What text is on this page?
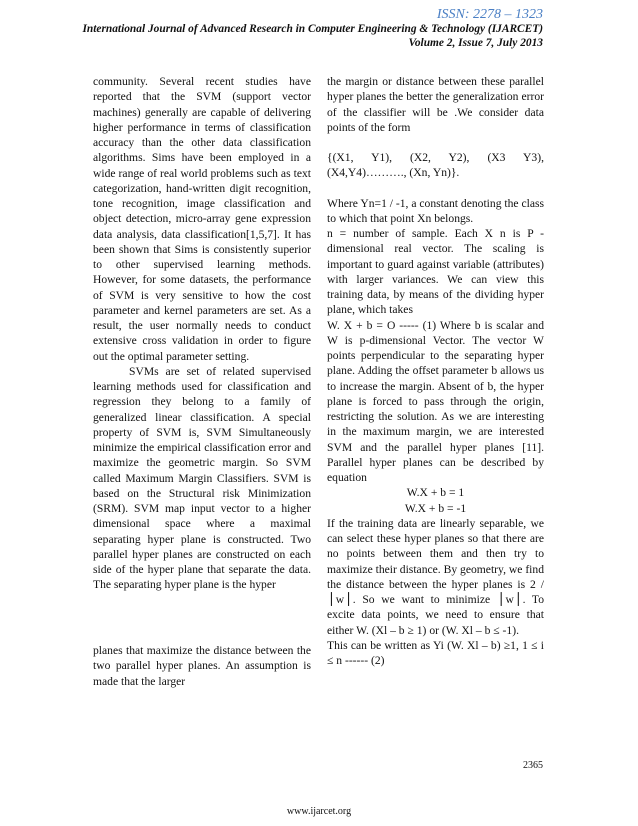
ISSN: 2278 – 1323
International Journal of Advanced Research in Computer Engineering & Technology (IJARCET)
Volume 2, Issue 7, July 2013

community. Several recent studies have reported that the SVM (support vector machines) generally are capable of delivering higher performance in terms of classification accuracy than the other data classification algorithms. Sims have been employed in a wide range of real world problems such as text categorization, hand-written digit recognition, tone recognition, image classification and object detection, micro-array gene expression data analysis, data classification[1,5,7]. It has been shown that Sims is consistently superior to other supervised learning methods. However, for some datasets, the performance of SVM is very sensitive to how the cost parameter and kernel parameters are set. As a result, the user normally needs to conduct extensive cross validation in order to figure out the optimal parameter setting.

SVMs are set of related supervised learning methods used for classification and regression they belong to a family of generalized linear classification. A special property of SVM is, SVM Simultaneously minimize the empirical classification error and maximize the geometric margin. So SVM called Maximum Margin Classifiers. SVM is based on the Structural risk Minimization (SRM). SVM map input vector to a higher dimensional space where a maximal separating hyper plane is constructed. Two parallel hyper planes are constructed on each side of the hyper plane that separate the data. The separating hyper plane is the hyper

planes that maximize the distance between the two parallel hyper planes. An assumption is made that the larger

the margin or distance between these parallel hyper planes the better the generalization error of the classifier will be .We consider data points of the form

{(X1, Y1), (X2, Y2), (X3 Y3), (X4,Y4)………., (Xn, Yn)}.

Where Yn=1 / -1, a constant denoting the class to which that point Xn belongs.

n = number of sample. Each X n is P -dimensional real vector. The scaling is important to guard against variable (attributes) with larger variances. We can view this training data, by means of the dividing hyper plane, which takes

W. X + b = O ----- (1) Where b is scalar and W is p-dimensional Vector. The vector W points perpendicular to the separating hyper plane. Adding the offset parameter b allows us to increase the margin. Absent of b, the hyper plane is forced to pass through the origin, restricting the solution. As we are interesting in the maximum margin, we are interested SVM and the parallel hyper planes [11]. Parallel hyper planes can be described by equation

W.X + b = 1

W.X + b = -1

If the training data are linearly separable, we can select these hyper planes so that there are no points between them and then try to maximize their distance. By geometry, we find the distance between the hyper planes is 2 / ⎪w⎪. So we want to minimize ⎪w⎪. To excite data points, we need to ensure that either W. (Xl – b ≥ 1) or (W. Xl – b ≤ -1).

This can be written as Yi (W. Xl – b) ≥1, 1 ≤ i ≤ n ------ (2)

2365
www.ijarcet.org
